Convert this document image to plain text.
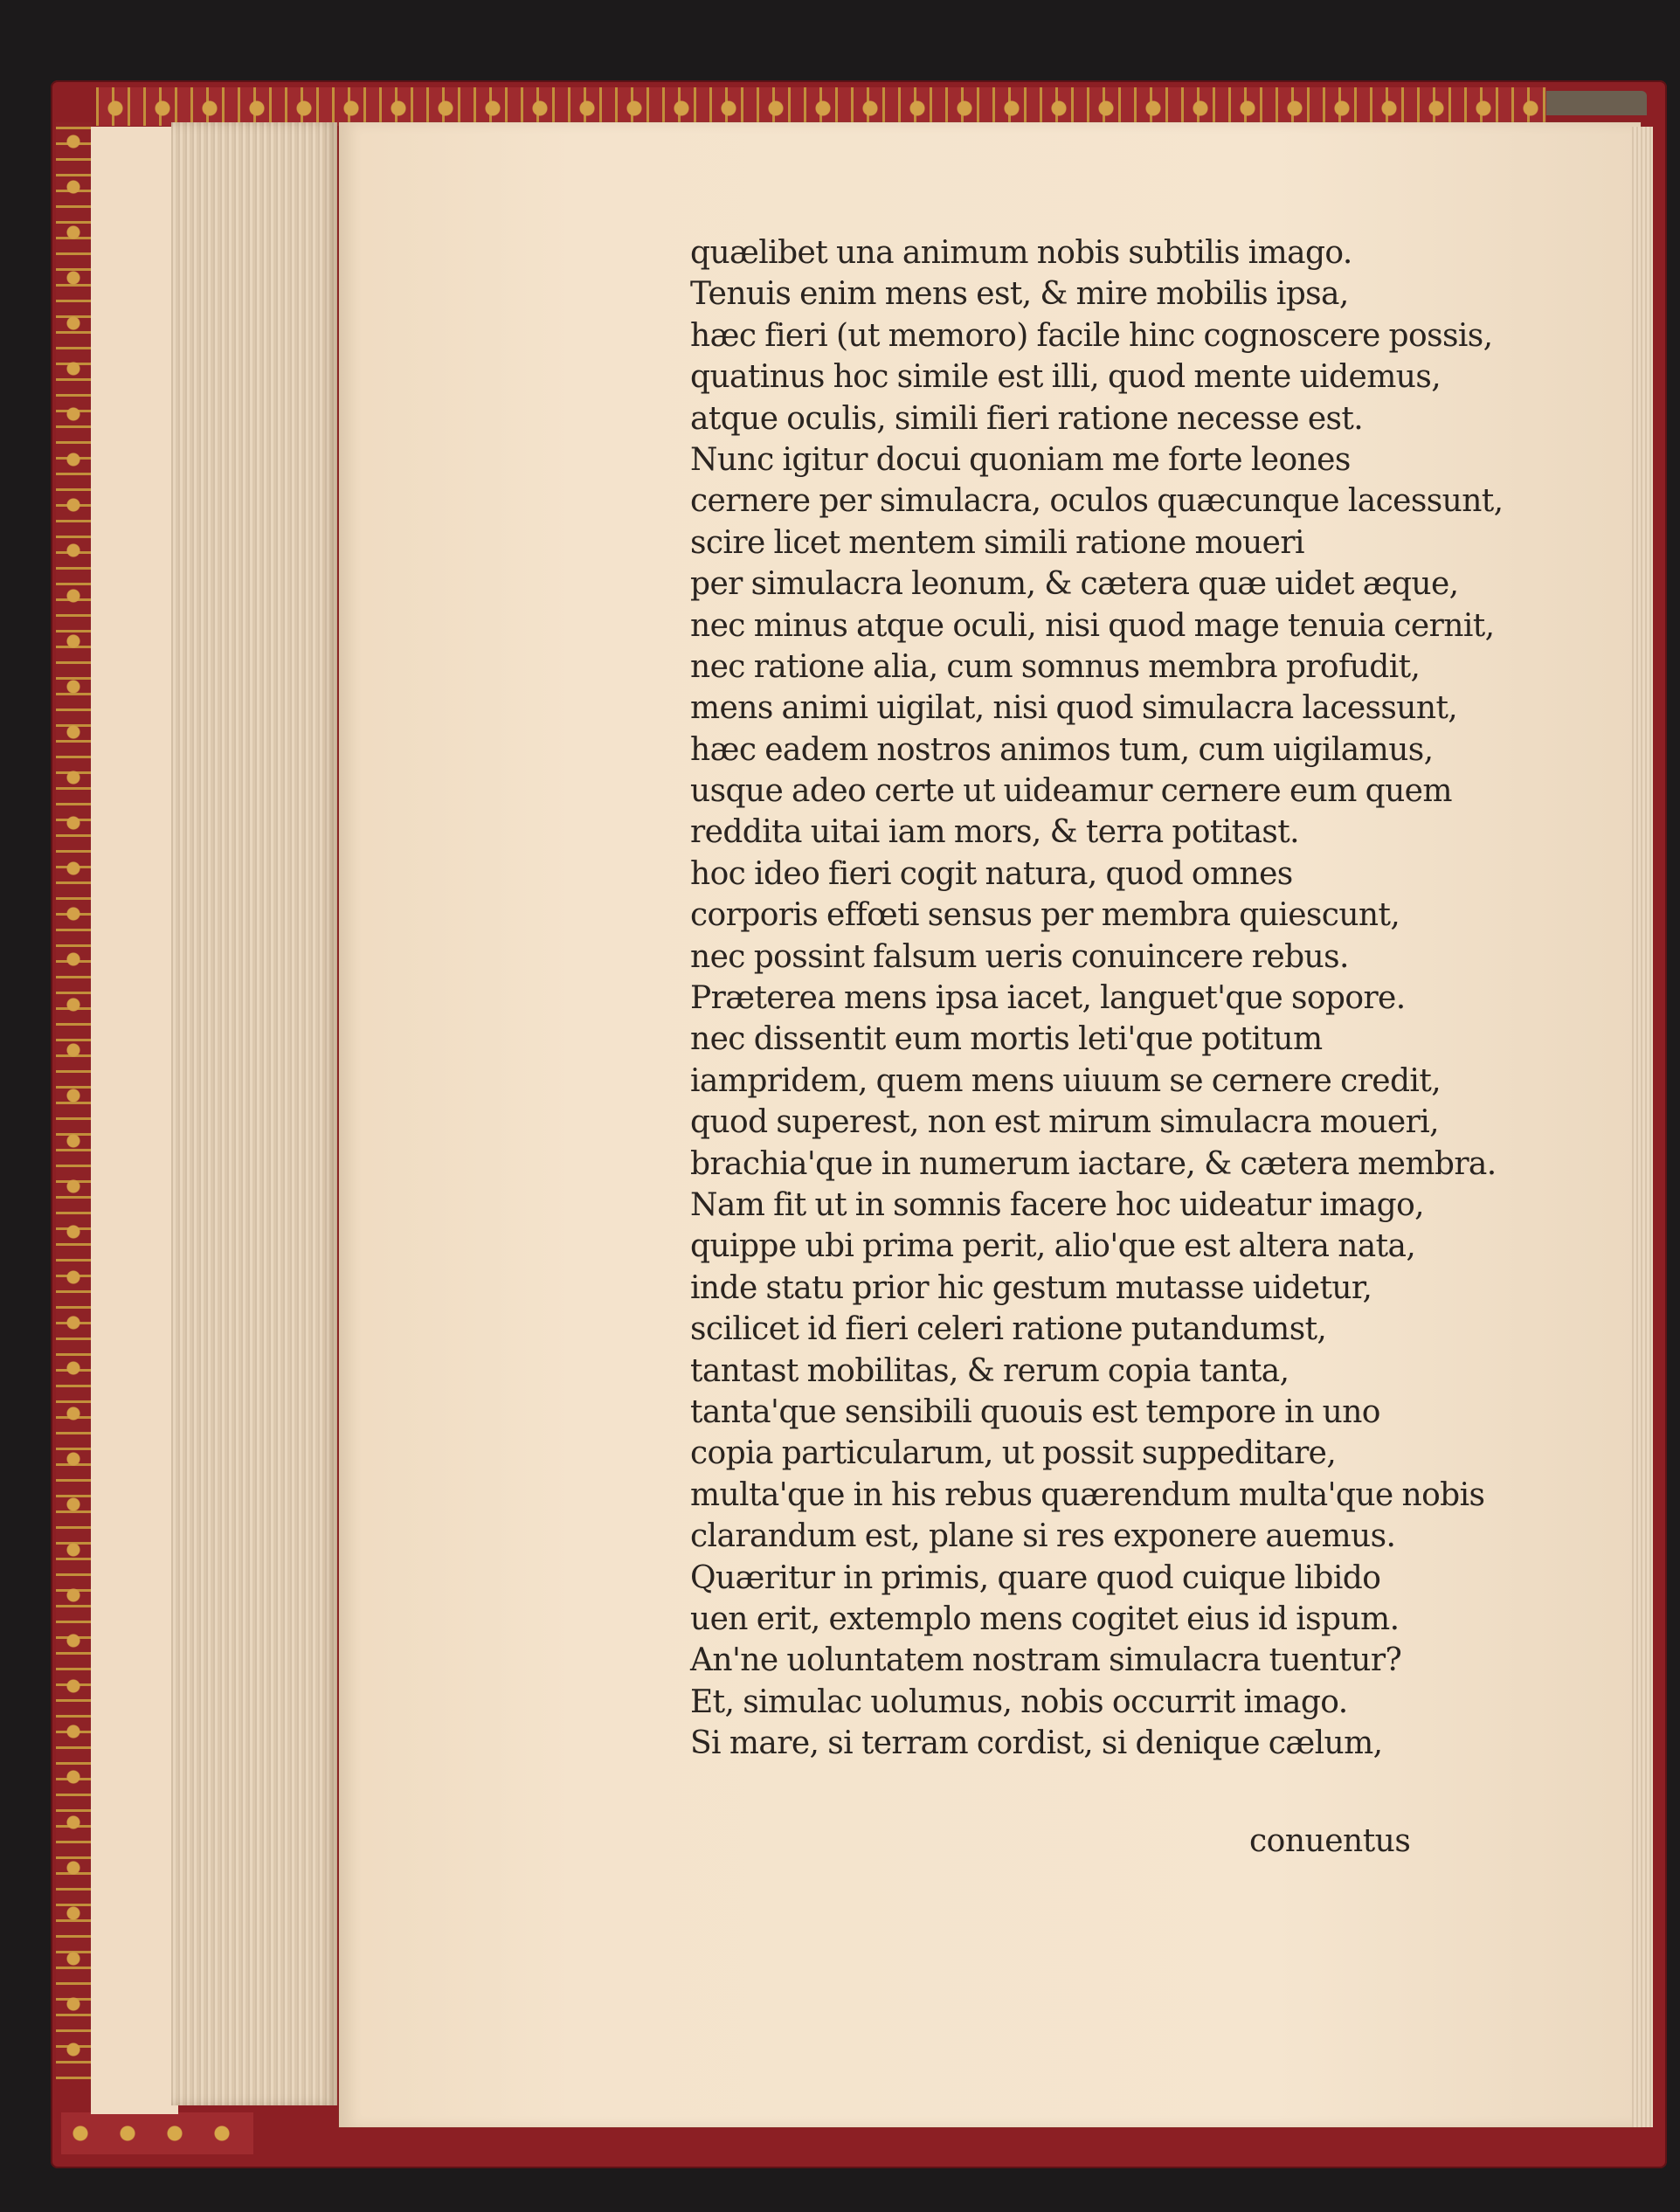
quælibet una animum nobis subtilis imago.
Tenuis enim mens est, & mire mobilis ipsa,
hæc fieri (ut memoro) facile hinc cognoscere possis,
quatinus hoc simile est illi, quod mente uidemus,
atque oculis, simili fieri ratione necesse est.
Nunc igitur docui quoniam me forte leones
cernere per simulacra, oculos quæcunque lacessunt,
scire licet mentem simili ratione moueri
per simulacra leonum, & cætera quæ uidet æque,
nec minus atque oculi, nisi quod mage tenuia cernit,
nec ratione alia, cum somnus membra profudit,
mens animi uigilat, nisi quod simulacra lacessunt,
hæc eadem nostros animos tum, cum uigilamus,
usque adeo certe ut uideamur cernere eum quem
reddita uitai iam mors, & terra potitast.
hoc ideo fieri cogit natura, quod omnes
corporis effœti sensus per membra quiescunt,
nec possint falsum ueris conuincere rebus.
Præterea mens ipsa iacet, languet'que sopore.
nec dissentit eum mortis leti'que potitum
iampridem, quem mens uiuum se cernere credit,
quod superest, non est mirum simulacra moueri,
brachia'que in numerum iactare, & cætera membra.
Nam fit ut in somnis facere hoc uideatur imago,
quippe ubi prima perit, alio'que est altera nata,
inde statu prior hic gestum mutasse uidetur,
scilicet id fieri celeri ratione putandumst,
tantast mobilitas, & rerum copia tanta,
tanta'que sensibili quouis est tempore in uno
copia particularum, ut possit suppeditare,
multa'que in his rebus quærendum multa'que nobis
clarandum est, plane si res exponere auemus.
Quæritur in primis, quare quod cuique libido
uen erit, extemplo mens cogitet eius id ispum.
An'ne uoluntatem nostram simulacra tuentur?
Et, simulac uolumus, nobis occurrit imago.
Si mare, si terram cordist, si denique cælum,
conuentus
